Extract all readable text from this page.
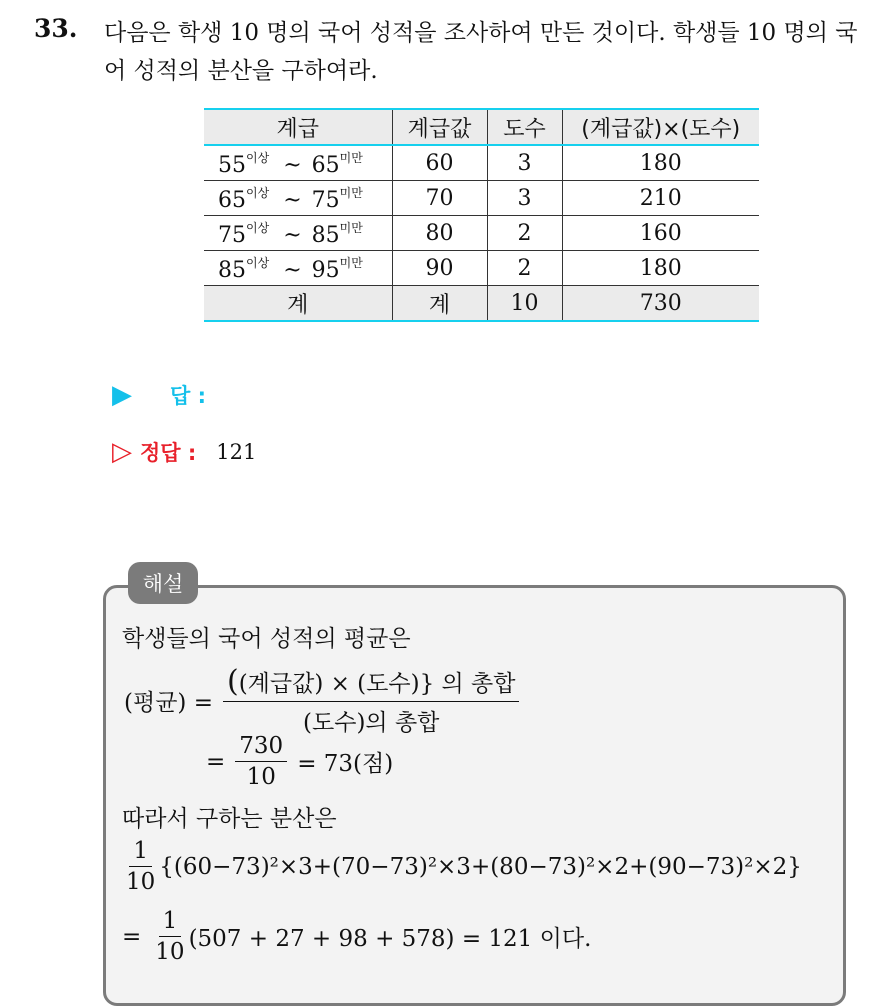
33. 다음은 학생 10 명의 국어 성적을 조사하여 만든 것이다. 학생들 10 명의 국어 성적의 분산을 구하여라.
계급	계급값	도수	(계급값)×(도수)
$55^{이상}$ ~ $65^{미만}$	60	3	180
$65^{이상}$ ~ $75^{미만}$	70	3	210
$75^{이상}$ ~ $85^{미만}$	80	2	160
$85^{이상}$ ~ $95^{미만}$	90	2	180
계	계	10	730
▶ 답 :
▷ 정답 : 121
해설
학생들의 국어 성적의 평균은
(평균) = $\frac{\text{((계급값) × (도수)\} 의 총합}}{\text{(도수)의 총합}}$
= $\frac{730}{10} = 73$(점)
따라서 구하는 분산은
$\frac{1}{10} \{(60-73)^2\times 3+(70-73)^2\times 3+(80-73)^2\times 2+(90-73)^2\times 2\}$
= $\frac{1}{10} (507 + 27 + 98 + 578) = 121$ 이다.
